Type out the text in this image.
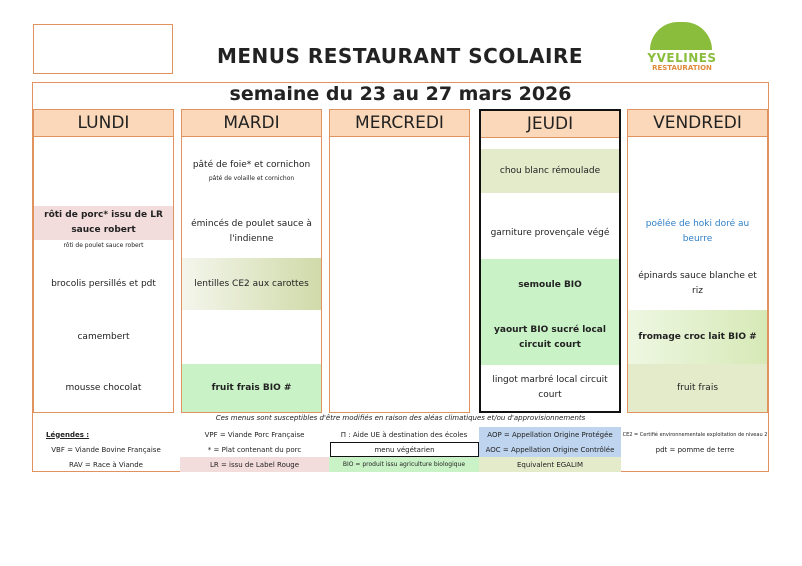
MENUS RESTAURANT SCOLAIRE	YVELINES
RESTAURATION
semaine du 23 au 27 mars 2026
LUNDI
rôti de porc* issu de LR sauce robert
rôti de poulet sauce robert
brocolis persillés et pdt
camembert
mousse chocolat
MARDI
pâté de foie* et cornichon
pâté de volaille et cornichon
émincés de poulet sauce à l'indienne
lentilles CE2 aux carottes
fruit frais BIO #
MERCREDI	JEUDI
chou blanc rémoulade
garniture provençale végé
semoule BIO
yaourt BIO sucré local circuit court
lingot marbré local circuit court
VENDREDI
poêlée de hoki doré au beurre
épinards sauce blanche et riz
fromage croc lait BIO #
fruit frais
Ces menus sont susceptibles d'être modifiés en raison des aléas climatiques et/ou d'approvisionnements
Légendes :
VBF = Viande Bovine Française
RAV = Race à Viande
VPF = Viande Porc Française
* = Plat contenant du porc
LR = issu de Label Rouge
Π : Aide UE à destination des écoles
menu végétarien
BIO = produit issu agriculture biologique
AOP = Appellation Origine Protégée
AOC = Appellation Origine Contrôlée
Equivalent EGALIM
CE2 = Certifié environnementale exploitation de niveau 2
pdt = pomme de terre
